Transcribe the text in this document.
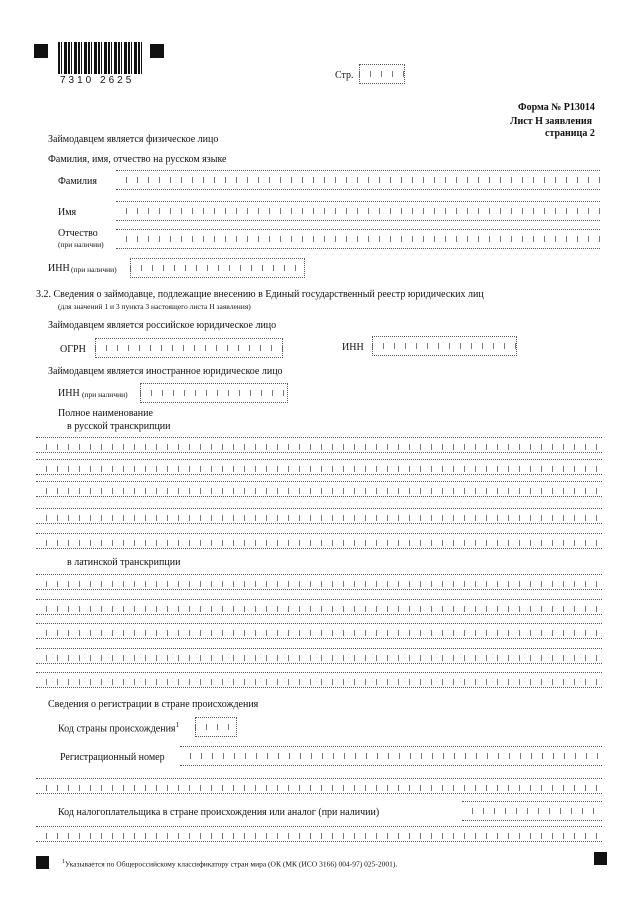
7310 2625	Стр.
Форма № Р13014
Лист Н заявления
страница 2
Займодавцем является физическое лицо
Фамилия, имя, отчество на русском языке
Фамилия
Имя
Отчество
(при наличии)
ИНН (при наличии)
3.2. Сведения о займодавце, подлежащие внесению в Единый государственный реестр юридических лиц
(для значений 1 и 3 пункта 3 настоящего листа Н заявления)
Займодавцем является российское юридическое лицо
ОГРН	ИНН
Займодавцем является иностранное юридическое лицо
ИНН (при наличии)
Полное наименование
в русской транскрипции
в латинской транскрипции
Сведения о регистрации в стране происхождения
Код страны происхождения$^1$
Регистрационный номер
Код налогоплательщика в стране происхождения или аналог (при наличии)
$^1$Указывается по Общероссийскому классификатору стран мира (ОК (МК (ИСО 3166) 004-97) 025-2001).
